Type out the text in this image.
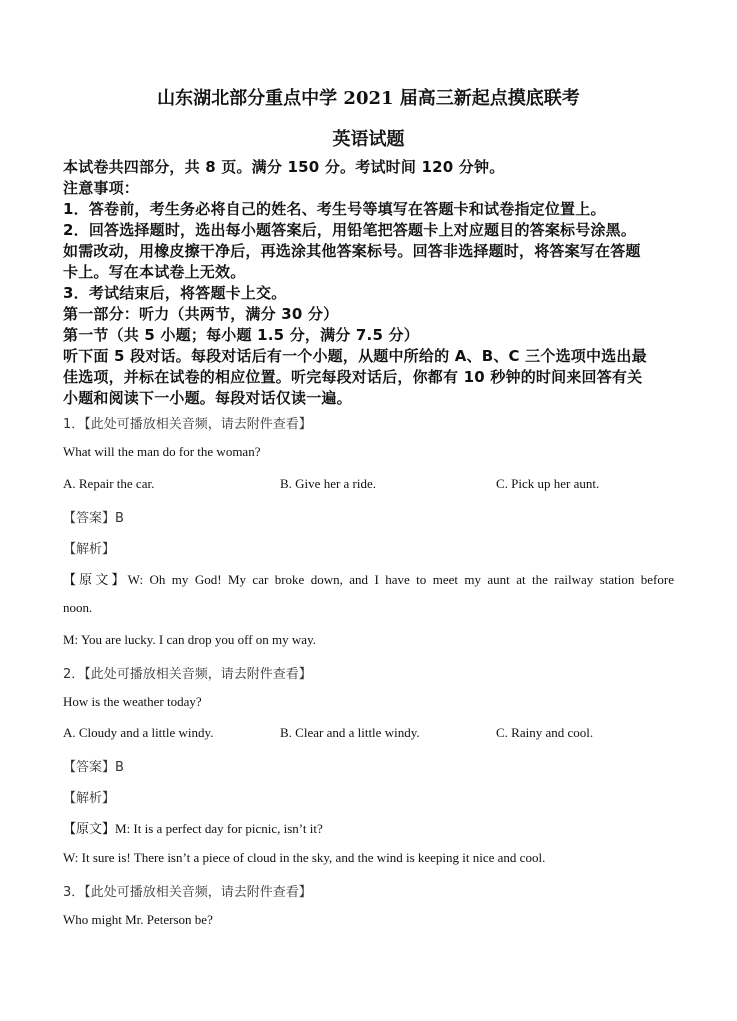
山东湖北部分重点中学 2021 届高三新起点摸底联考
英语试题
本试卷共四部分，共 8 页。满分 150 分。考试时间 120 分钟。
注意事项：
1．答卷前，考生务必将自己的姓名、考生号等填写在答题卡和试卷指定位置上。
2．回答选择题时，选出每小题答案后，用铅笔把答题卡上对应题目的答案标号涂黑。
如需改动，用橡皮擦干净后，再选涂其他答案标号。回答非选择题时，将答案写在答题
卡上。写在本试卷上无效。
3．考试结束后，将答题卡上交。
第一部分：听力（共两节，满分 30 分）
第一节（共 5 小题；每小题 1.5 分，满分 7.5 分）
听下面 5 段对话。每段对话后有一个小题，从题中所给的 A、B、C 三个选项中选出最
佳选项，并标在试卷的相应位置。听完每段对话后，你都有 10 秒钟的时间来回答有关
小题和阅读下一小题。每段对话仅读一遍。
1．【此处可播放相关音频，请去附件查看】
What will the man do for the woman?
A. Repair the car.	B. Give her a ride.	C. Pick up her aunt.
【答案】B
【解析】
【原文】W: Oh my God! My car broke down, and I have to meet my aunt at the railway station before
noon.
M: You are lucky. I can drop you off on my way.
2．【此处可播放相关音频，请去附件查看】
How is the weather today?
A. Cloudy and a little windy.	B. Clear and a little windy.	C. Rainy and cool.
【答案】B
【解析】
【原文】M: It is a perfect day for picnic, isn’t it?
W: It sure is! There isn’t a piece of cloud in the sky, and the wind is keeping it nice and cool.
3．【此处可播放相关音频，请去附件查看】
Who might Mr. Peterson be?
